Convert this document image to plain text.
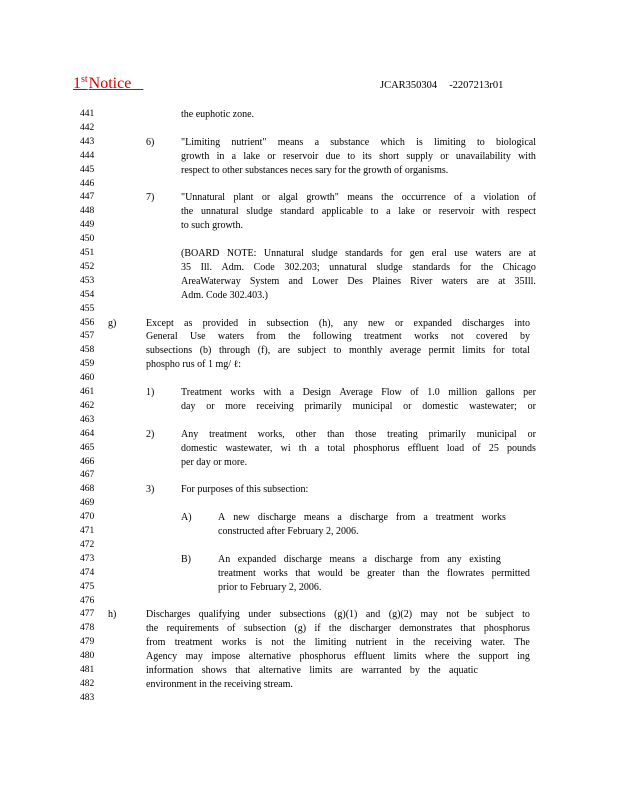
1stNotice	JCAR350304 -2207213r01
441	the euphotic zone.
442
443	6)	"Limiting nutrient" means a substance which is limiting to biological
444	growth in a lake or reservoir due to its short supply or unavailability with
445	respect to other substances neces sary for the growth of organisms.
446
447	7)	"Unnatural plant or algal growth" means the occurrence of a violation of
448	the unnatural sludge standard applicable to a lake or reservoir with respect
449	to such growth.
450
451	(BOARD NOTE: Unnatural sludge standards for gen eral use waters are at
452	35 Ill. Adm. Code 302.203; unnatural sludge standards for the Chicago
453	AreaWaterway System and Lower Des Plaines River waters are at 35Ill.
454	Adm. Code 302.403.)
455
456	g)	Except as provided in subsection (h), any new or expanded discharges into
457	General Use waters from the following treatment works not covered by
458	subsections (b) through (f), are subject to monthly average permit limits for total
459	phospho rus of 1 mg/ ℓ:
460
461	1)	Treatment works with a Design Average Flow of 1.0 million gallons per
462	day or more receiving primarily municipal or domestic wastewater; or
463
464	2)	Any treatment works, other than those treating primarily municipal or
465	domestic wastewater, wi th a total phosphorus effluent load of 25 pounds
466	per day or more.
467
468	3)	For purposes of this subsection:
469
470	A)	A new discharge means a discharge from a treatment works
471	constructed after February 2, 2006.
472
473	B)	An expanded discharge means a discharge from any existing
474	treatment works that would be greater than the flowrates permitted
475	prior to February 2, 2006.
476
477	h)	Discharges qualifying under subsections (g)(1) and (g)(2) may not be subject to
478	the requirements of subsection (g) if the discharger demonstrates that phosphorus
479	from treatment works is not the limiting nutrient in the receiving water. The
480	Agency may impose alternative phosphorus effluent limits where the support ing
481	information shows that alternative limits are warranted by the aquatic
482	environment in the receiving stream.
483
